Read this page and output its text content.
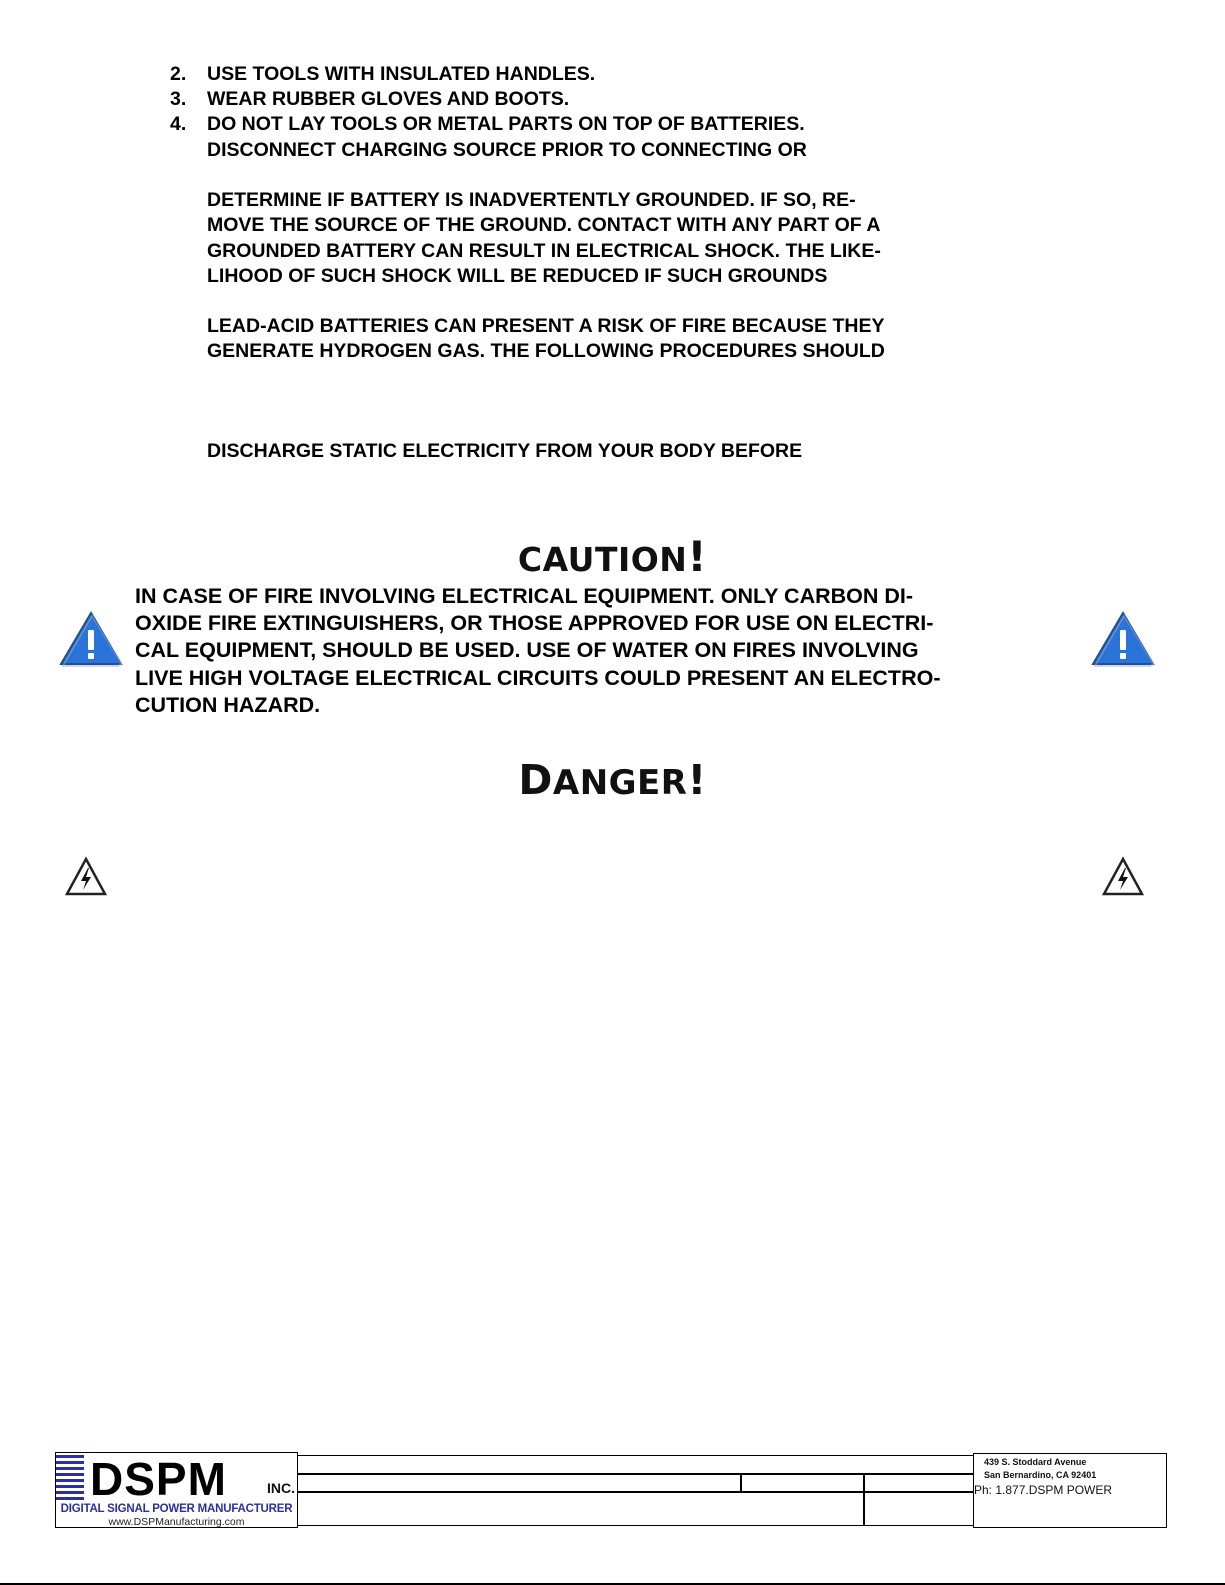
2.	USE TOOLS WITH INSULATED HANDLES.
3.	WEAR RUBBER GLOVES AND BOOTS.
4.	DO NOT LAY TOOLS OR METAL PARTS ON TOP OF BATTERIES.
DISCONNECT CHARGING SOURCE PRIOR TO CONNECTING OR
DETERMINE IF BATTERY IS INADVERTENTLY GROUNDED. IF SO, RE-
MOVE THE SOURCE OF THE GROUND. CONTACT WITH ANY PART OF A
GROUNDED BATTERY CAN RESULT IN ELECTRICAL SHOCK. THE LIKE-
LIHOOD OF SUCH SHOCK WILL BE REDUCED IF SUCH GROUNDS
LEAD-ACID BATTERIES CAN PRESENT A RISK OF FIRE BECAUSE THEY
GENERATE HYDROGEN GAS. THE FOLLOWING PROCEDURES SHOULD
DISCHARGE STATIC ELECTRICITY FROM YOUR BODY BEFORE
CAUTION!
IN CASE OF FIRE INVOLVING ELECTRICAL EQUIPMENT. ONLY CARBON DI-
OXIDE FIRE EXTINGUISHERS, OR THOSE APPROVED FOR USE ON ELECTRI-
CAL EQUIPMENT, SHOULD BE USED. USE OF WATER ON FIRES INVOLVING
LIVE HIGH VOLTAGE ELECTRICAL CIRCUITS COULD PRESENT AN ELECTRO-
CUTION HAZARD.
DANGER!
DSPM	INC.
DIGITAL SIGNAL POWER MANUFACTURER
www.DSPManufacturing.com
439 S. Stoddard Avenue
San Bernardino, CA 92401
Ph: 1.877.DSPM POWER
